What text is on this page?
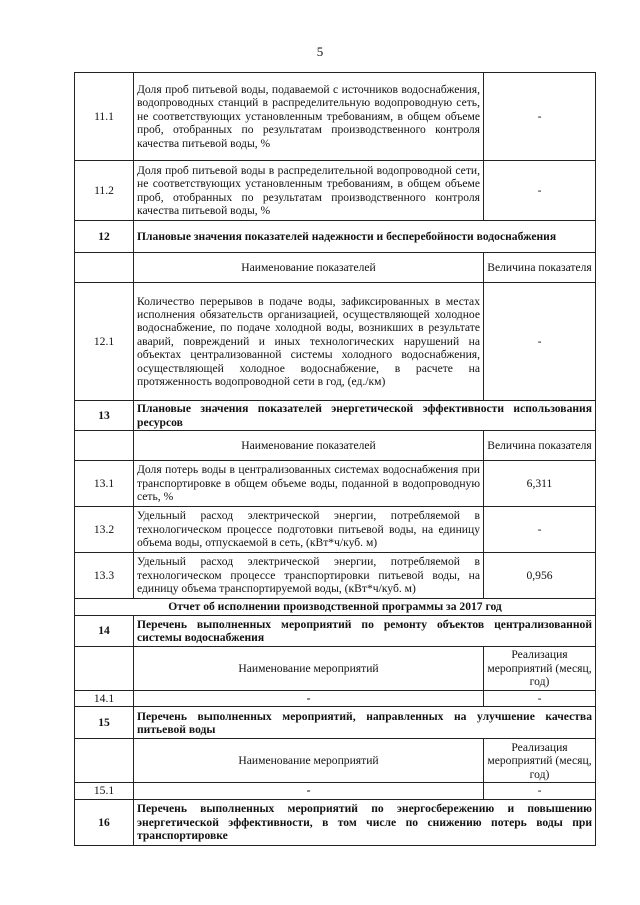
5
11.1	Доля проб питьевой воды, подаваемой с источников водоснабжения, водопроводных станций в распределительную водопроводную сеть, не соответствующих установленным требованиям, в общем объеме проб, отобранных по результатам производственного контроля качества питьевой воды, %	-
11.2	Доля проб питьевой воды в распределительной водопроводной сети, не соответствующих установленным требованиям, в общем объеме проб, отобранных по результатам производственного контроля качества питьевой воды, %	-
12	Плановые значения показателей надежности и бесперебойности водоснабжения	
	Наименование показателей	Величина показателя
12.1	Количество перерывов в подаче воды, зафиксированных в местах исполнения обязательств организацией, осуществляющей холодное водоснабжение, по подаче холодной воды, возникших в результате аварий, повреждений и иных технологических нарушений на объектах централизованной системы холодного водоснабжения, осуществляющей холодное водоснабжение, в расчете на протяженность водопроводной сети в год, (ед./км)	-
13	Плановые значения показателей энергетической эффективности использования ресурсов	
	Наименование показателей	Величина показателя
13.1	Доля потерь воды в централизованных системах водоснабжения при транспортировке в общем объеме воды, поданной в водопроводную сеть, %	6,311
13.2	Удельный расход электрической энергии, потребляемой в технологическом процессе подготовки питьевой воды, на единицу объема воды, отпускаемой в сеть, (кВт*ч/куб. м)	-
13.3	Удельный расход электрической энергии, потребляемой в технологическом процессе транспортировки питьевой воды, на единицу объема транспортируемой воды, (кВт*ч/куб. м)	0,956
Отчет об исполнении производственной программы за 2017 год		
14	Перечень выполненных мероприятий по ремонту объектов централизованной системы водоснабжения	
	Наименование мероприятий	Реализация мероприятий (месяц, год)
14.1	-	-
15	Перечень выполненных мероприятий, направленных на улучшение качества питьевой воды	
	Наименование мероприятий	Реализация мероприятий (месяц, год)
15.1	-	-
16	Перечень выполненных мероприятий по энергосбережению и повышению энергетической эффективности, в том числе по снижению потерь воды при транспортировке	
